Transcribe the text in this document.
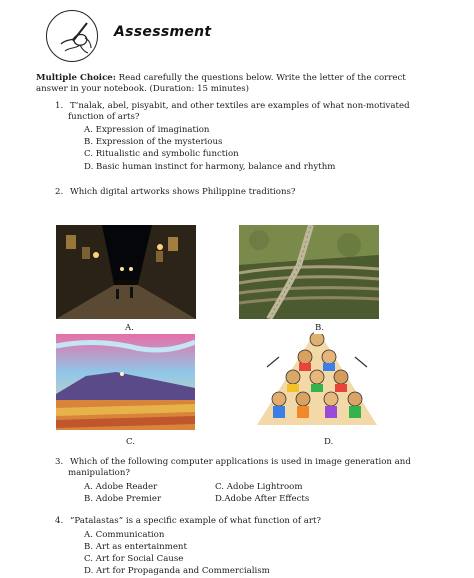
Assessment
Multiple Choice: Read carefully the questions below. Write the letter of the correct
answer in your notebook. (Duration: 15 minutes)
1. T’nalak, abel, pisyabit, and other textiles are examples of what non-motivated
function of arts?
A. Expression of imagination
B. Expression of the mysterious
C. Ritualistic and symbolic function
D. Basic human instinct for harmony, balance and rhythm
2. Which digital artworks shows Philippine traditions?
A.
C.	D.
B.
3. Which of the following computer applications is used in image generation and
manipulation?
A. Adobe Reader	C. Adobe Lightroom
B. Adobe Premier	D.Adobe After Effects
4. “Patalastas” is a specific example of what function of art?
A. Communication
B. Art as entertainment
C. Art for Social Cause
D. Art for Propaganda and Commercialism
